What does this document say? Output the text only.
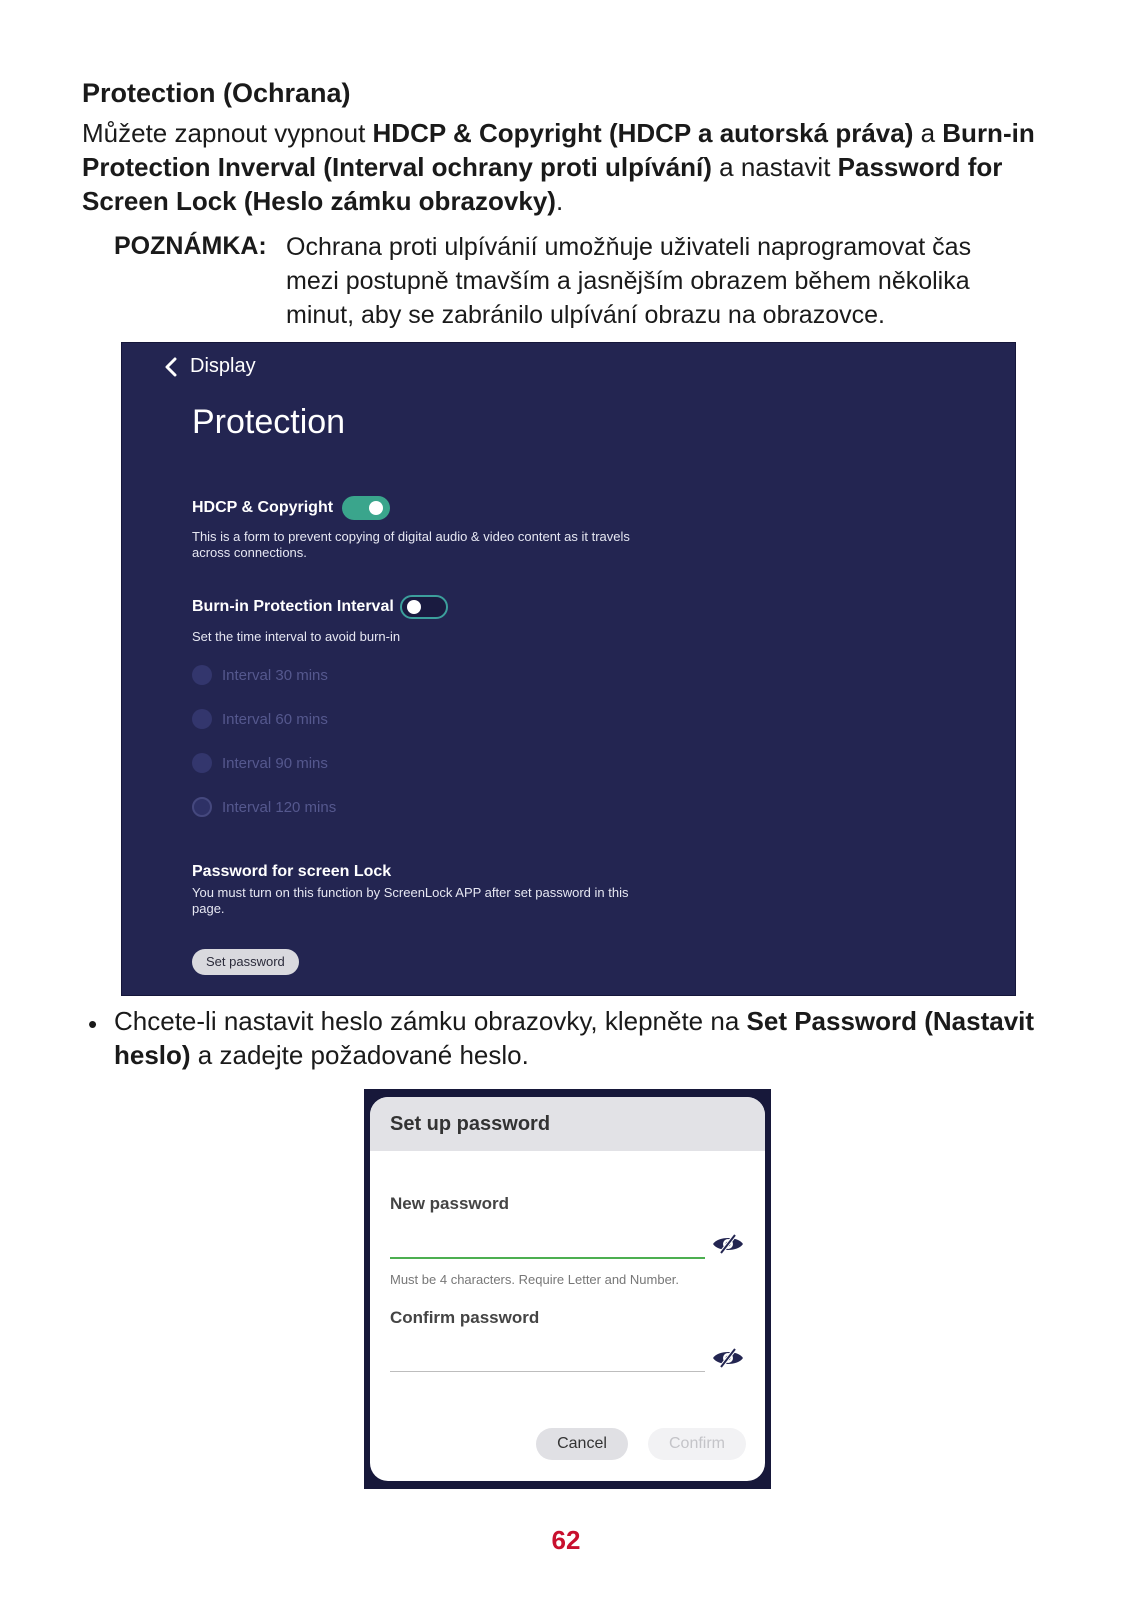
Protection (Ochrana)
Můžete zapnout vypnout HDCP & Copyright (HDCP a autorská práva) a Burn-in Protection Inverval (Interval ochrany proti ulpívání) a nastavit Password for Screen Lock (Heslo zámku obrazovky).
POZNÁMKA: Ochrana proti ulpívánií umožňuje uživateli naprogramovat čas mezi postupně tmavším a jasnějším obrazem během několika minut, aby se zabránilo ulpívání obrazu na obrazovce.
Display
Protection
HDCP & Copyright
This is a form to prevent copying of digital audio & video content as it travels across connections.
Burn-in Protection Interval
Set the time interval to avoid burn-in
Interval 30 mins
Interval 60 mins
Interval 90 mins
Interval 120 mins
Password for screen Lock
You must turn on this function by ScreenLock APP after set password in this page.
Set password
• Chcete-li nastavit heslo zámku obrazovky, klepněte na Set Password (Nastavit heslo) a zadejte požadované heslo.
Set up password
New password
Must be 4 characters. Require Letter and Number.
Confirm password
Cancel	Confirm
62
